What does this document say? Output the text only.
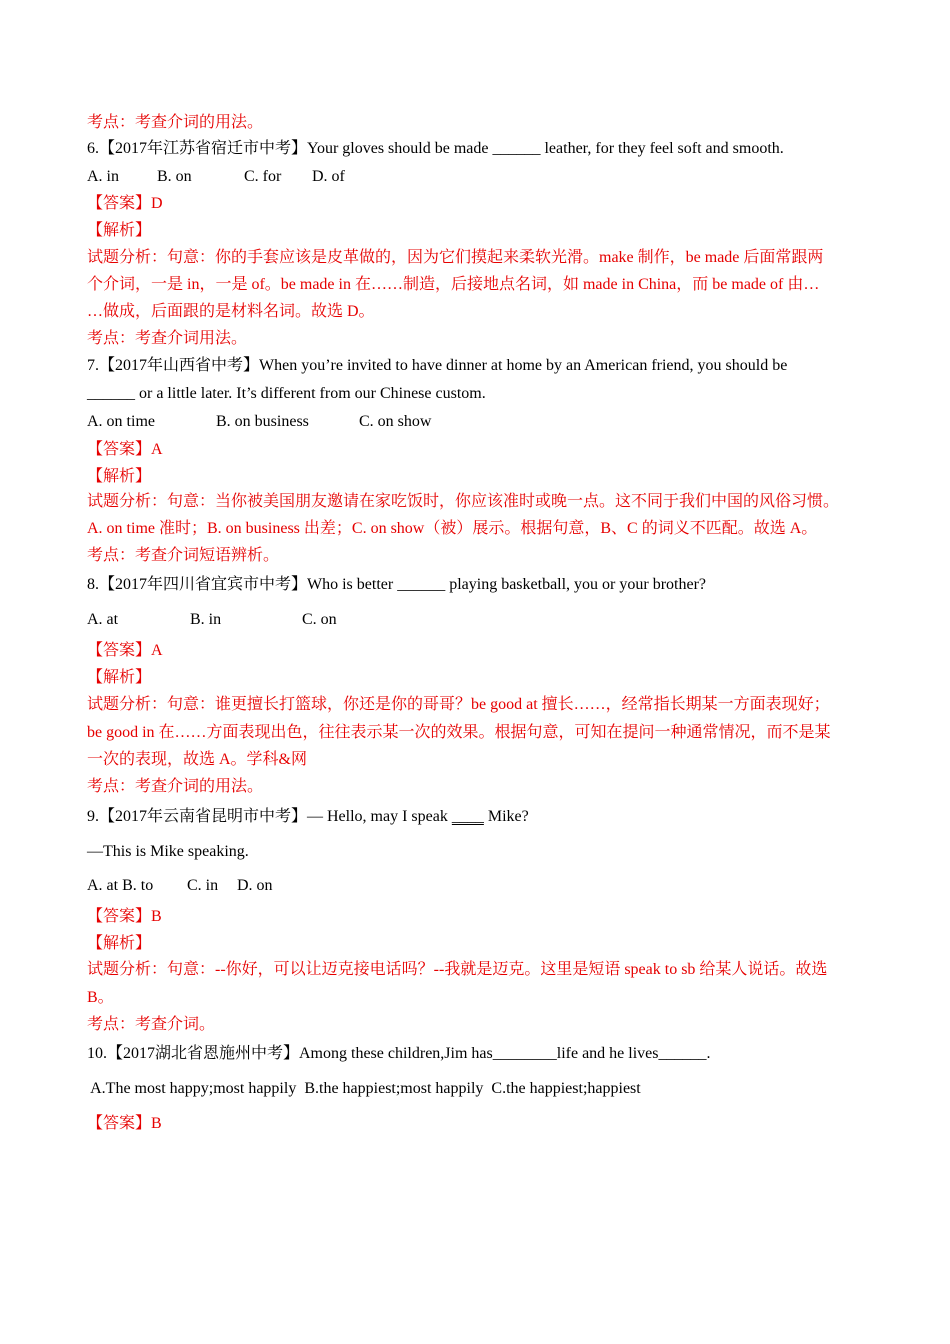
考点：考查介词的用法。
6.【2017年江苏省宿迁市中考】Your gloves should be made ______ leather, for they feel soft and smooth.
A. in B. on	C. for D. of
【答案】D
【解析】
试题分析：句意：你的手套应该是皮革做的，因为它们摸起来柔软光滑。make 制作，be made 后面常跟两
个介词，一是 in，一是 of。be made in 在……制造，后接地点名词，如 made in China，而 be made of 由…
…做成，后面跟的是材料名词。故选 D。
考点：考查介词用法。
7.【2017年山西省中考】When you’re invited to have dinner at home by an American friend, you should be
______ or a little later. It’s different from our Chinese custom.
A. on time	B. on business	C. on show
【答案】A
【解析】
试题分析：句意：当你被美国朋友邀请在家吃饭时，你应该准时或晚一点。这不同于我们中国的风俗习惯。
A. on time 准时；B. on business 出差；C. on show（被）展示。根据句意，B、C 的词义不匹配。故选 A。
考点：考查介词短语辨析。
8.【2017年四川省宜宾市中考】Who is better ______ playing basketball, you or your brother?
A. at	B. in	C. on
【答案】A
【解析】
试题分析：句意：谁更擅长打篮球，你还是你的哥哥？be good at 擅长……，经常指长期某一方面表现好；
be good in 在……方面表现出色，往往表示某一次的效果。根据句意，可知在提问一种通常情况，而不是某
一次的表现，故选 A。学科&网
考点：考查介词的用法。
9.【2017年云南省昆明市中考】— Hello, may I speak ____ Mike?
—This is Mike speaking.
A. at B. to C. in D. on
【答案】B
【解析】
试题分析：句意：--你好，可以让迈克接电话吗？--我就是迈克。这里是短语 speak to sb 给某人说话。故选
B。
考点：考查介词。
10.【2017湖北省恩施州中考】Among these children,Jim has________life and he lives______.
A.The most happy;most happily  B.the happiest;most happily  C.the happiest;happiest
【答案】B
